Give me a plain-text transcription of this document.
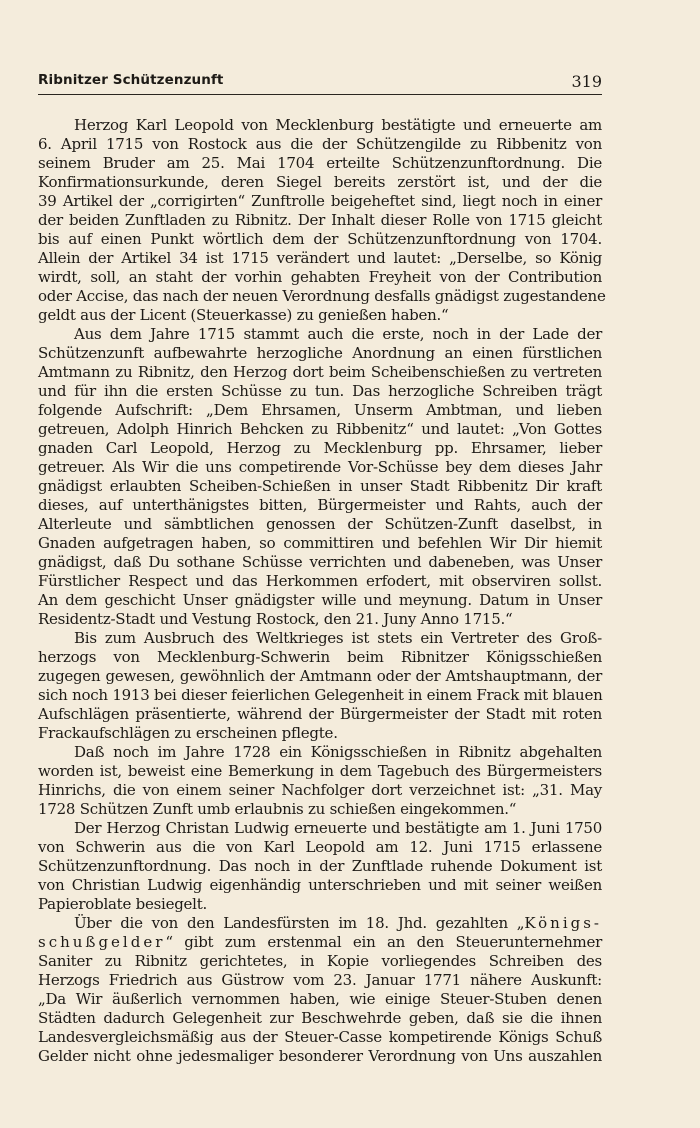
Ribnitzer Schützenzunft	319
Herzog Karl Leopold von Mecklenburg bestätigte und erneuerte am
6. April 1715 von Rostock aus die der Schützengilde zu Ribbenitz von
seinem Bruder am 25. Mai 1704 erteilte Schützenzunftordnung. Die
Konfirmationsurkunde, deren Siegel bereits zerstört ist, und der die
39 Artikel der „corrigirten“ Zunftrolle beigeheftet sind, liegt noch in einer
der beiden Zunftladen zu Ribnitz. Der Inhalt dieser Rolle von 1715 gleicht
bis auf einen Punkt wörtlich dem der Schützenzunftordnung von 1704.
Allein der Artikel 34 ist 1715 verändert und lautet: „Derselbe, so König
wirdt, soll, an staht der vorhin gehabten Freyheit von der Contribution
oder Accise, das nach der neuen Verordnung desfalls gnädigst zugestandene
geldt aus der Licent (Steuerkasse) zu genießen haben.“
Aus dem Jahre 1715 stammt auch die erste, noch in der Lade der
Schützenzunft aufbewahrte herzogliche Anordnung an einen fürstlichen
Amtmann zu Ribnitz, den Herzog dort beim Scheibenschießen zu vertreten
und für ihn die ersten Schüsse zu tun. Das herzogliche Schreiben trägt
folgende Aufschrift: „Dem Ehrsamen, Unserm Ambtman, und lieben
getreuen, Adolph Hinrich Behcken zu Ribbenitz“ und lautet: „Von Gottes
gnaden Carl Leopold, Herzog zu Mecklenburg pp. Ehrsamer, lieber
getreuer. Als Wir die uns competirende Vor-Schüsse bey dem dieses Jahr
gnädigst erlaubten Scheiben-Schießen in unser Stadt Ribbenitz Dir kraft
dieses, auf unterthänigstes bitten, Bürgermeister und Rahts, auch der
Alterleute und sämbtlichen genossen der Schützen-Zunft daselbst, in
Gnaden aufgetragen haben, so committiren und befehlen Wir Dir hiemit
gnädigst, daß Du sothane Schüsse verrichten und dabeneben, was Unser
Fürstlicher Respect und das Herkommen erfodert, mit observiren sollst.
An dem geschicht Unser gnädigster wille und meynung. Datum in Unser
Residentz-Stadt und Vestung Rostock, den 21. Juny Anno 1715.“
Bis zum Ausbruch des Weltkrieges ist stets ein Vertreter des Groß-
herzogs von Mecklenburg-Schwerin beim Ribnitzer Königsschießen
zugegen gewesen, gewöhnlich der Amtmann oder der Amtshauptmann, der
sich noch 1913 bei dieser feierlichen Gelegenheit in einem Frack mit blauen
Aufschlägen präsentierte, während der Bürgermeister der Stadt mit roten
Frackaufschlägen zu erscheinen pflegte.
Daß noch im Jahre 1728 ein Königsschießen in Ribnitz abgehalten
worden ist, beweist eine Bemerkung in dem Tagebuch des Bürgermeisters
Hinrichs, die von einem seiner Nachfolger dort verzeichnet ist: „31. May
1728 Schützen Zunft umb erlaubnis zu schießen eingekommen.“
Der Herzog Christan Ludwig erneuerte und bestätigte am 1. Juni 1750
von Schwerin aus die von Karl Leopold am 12. Juni 1715 erlassene
Schützenzunftordnung. Das noch in der Zunftlade ruhende Dokument ist
von Christian Ludwig eigenhändig unterschrieben und mit seiner weißen
Papieroblate besiegelt.
Über die von den Landesfürsten im 18. Jhd. gezahlten „Königs-
schußgelder“ gibt zum erstenmal ein an den Steuerunternehmer
Saniter zu Ribnitz gerichtetes, in Kopie vorliegendes Schreiben des
Herzogs Friedrich aus Güstrow vom 23. Januar 1771 nähere Auskunft:
„Da Wir äußerlich vernommen haben, wie einige Steuer-Stuben denen
Städten dadurch Gelegenheit zur Beschwehrde geben, daß sie die ihnen
Landesvergleichsmäßig aus der Steuer-Casse kompetirende Königs Schuß
Gelder nicht ohne jedesmaliger besonderer Verordnung von Uns auszahlen
